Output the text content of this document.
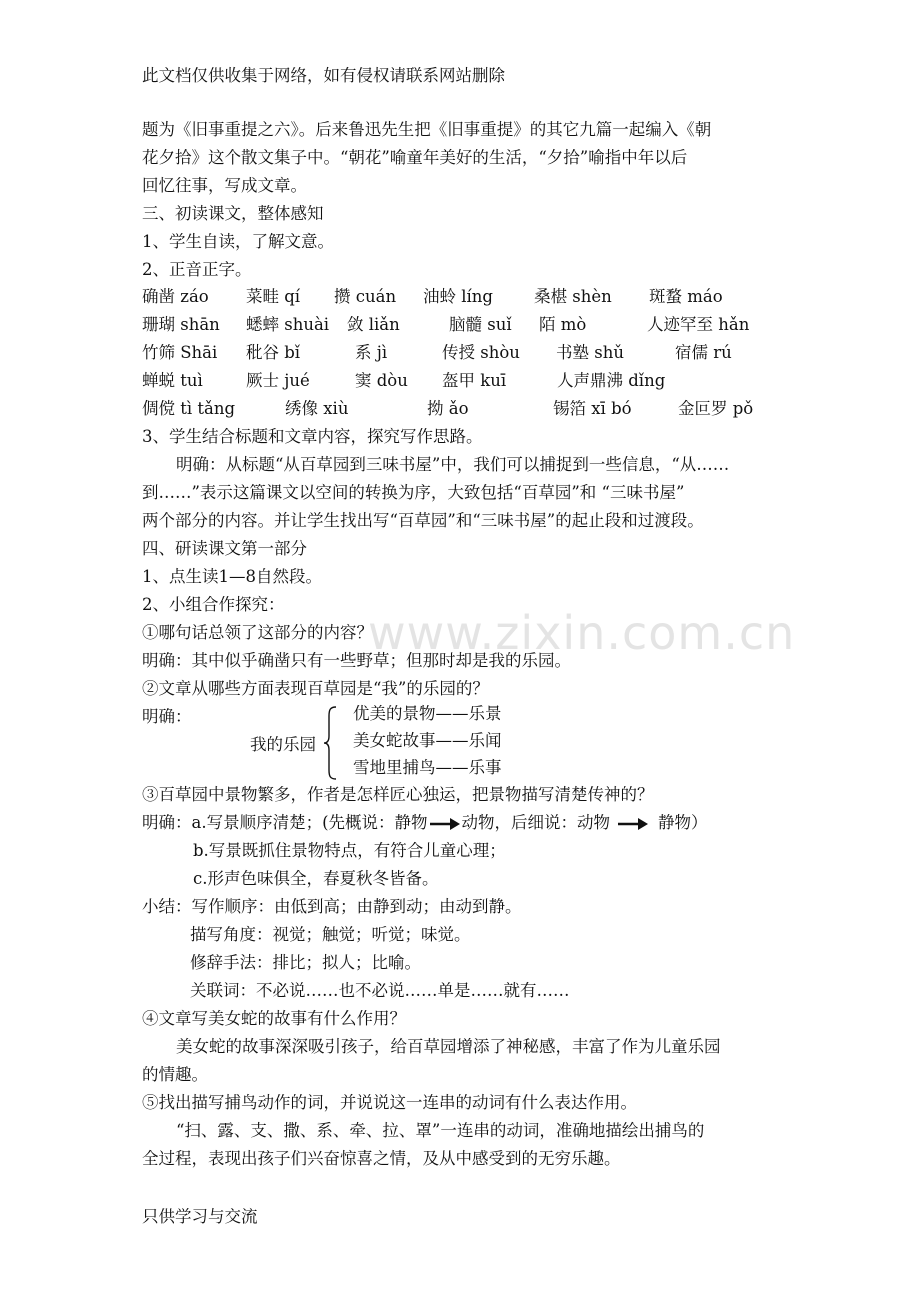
www.zixin.com.cn
此文档仅供收集于网络，如有侵权请联系网站删除
题为《旧事重提之六》。后来鲁迅先生把《旧事重提》的其它九篇一起编入《朝
花夕拾》这个散文集子中。“朝花”喻童年美好的生活，“夕拾”喻指中年以后
回忆往事，写成文章。
三、初读课文，整体感知
1、学生自读，了解文意。
2、正音正字。
确凿 záo 菜畦 qí 攒 cuán 油蛉 líng 桑椹 shèn 斑蝥 máo
珊瑚 shān 蟋蟀 shuài 敛 liǎn	脑髓 suǐ 陌 mò	人迹罕至 hǎn
竹筛 Shāi 秕谷 bǐ	系 jì	传授 shòu 书塾 shǔ	宿儒 rú
蝉蜕 tuì	厥士 jué	窦 dòu 盔甲 kuī	人声鼎沸 dǐng
倜傥 tì tǎng	绣像 xiù	拗 ǎo	锡箔 xī bó	金叵罗 pǒ
3、学生结合标题和文章内容，探究写作思路。
明确：从标题“从百草园到三味书屋”中，我们可以捕捉到一些信息，“从……
到……”表示这篇课文以空间的转换为序，大致包括“百草园”和 “三味书屋”
两个部分的内容。并让学生找出写“百草园”和“三味书屋”的起止段和过渡段。
四、研读课文第一部分
1、点生读1—8自然段。
2、小组合作探究：
①哪句话总领了这部分的内容？
明确：其中似乎确凿只有一些野草；但那时却是我的乐园。
②文章从哪些方面表现百草园是“我”的乐园的？
明确：
我的乐园
优美的景物——乐景
美女蛇故事——乐闻
雪地里捕鸟——乐事
③百草园中景物繁多，作者是怎样匠心独运，把景物描写清楚传神的？
明确：a.写景顺序清楚；(先概说：静物 动物，后细说：动物	静物）
b.写景既抓住景物特点，有符合儿童心理；
c.形声色味俱全，春夏秋冬皆备。
小结：写作顺序：由低到高；由静到动；由动到静。
描写角度：视觉；触觉；听觉；味觉。
修辞手法：排比；拟人；比喻。
关联词：不必说……也不必说……单是……就有……
④文章写美女蛇的故事有什么作用？
美女蛇的故事深深吸引孩子，给百草园增添了神秘感，丰富了作为儿童乐园
的情趣。
⑤找出描写捕鸟动作的词，并说说这一连串的动词有什么表达作用。
“扫、露、支、撒、系、牵、拉、罩”一连串的动词，准确地描绘出捕鸟的
全过程，表现出孩子们兴奋惊喜之情，及从中感受到的无穷乐趣。
只供学习与交流
